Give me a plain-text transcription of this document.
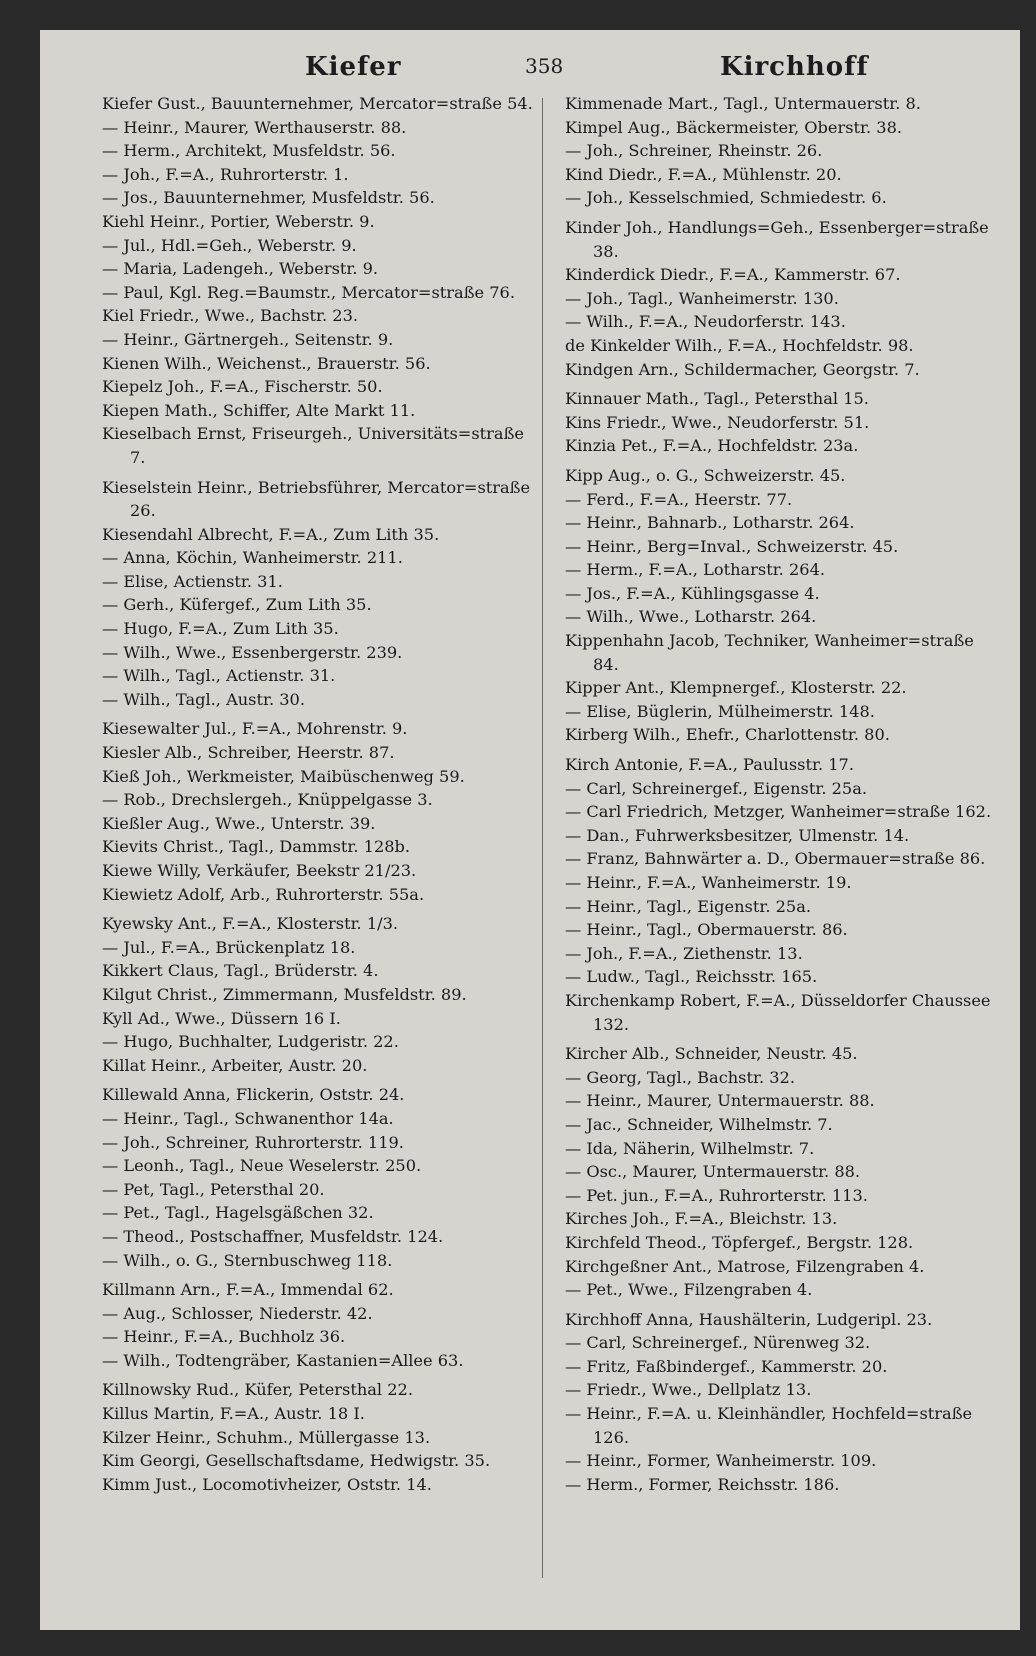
Kiefer	358	Kirchhoff
Kiefer Gust., Bauunternehmer, Mercator=straße 54.
— Heinr., Maurer, Werthauserstr. 88.
— Herm., Architekt, Musfeldstr. 56.
— Joh., F.=A., Ruhrorterstr. 1.
— Jos., Bauunternehmer, Musfeldstr. 56.
Kiehl Heinr., Portier, Weberstr. 9.
— Jul., Hdl.=Geh., Weberstr. 9.
— Maria, Ladengeh., Weberstr. 9.
— Paul, Kgl. Reg.=Baumstr., Mercator=straße 76.
Kiel Friedr., Wwe., Bachstr. 23.
— Heinr., Gärtnergeh., Seitenstr. 9.
Kienen Wilh., Weichenst., Brauerstr. 56.
Kiepelz Joh., F.=A., Fischerstr. 50.
Kiepen Math., Schiffer, Alte Markt 11.
Kieselbach Ernst, Friseurgeh., Universitäts=straße 7.
Kieselstein Heinr., Betriebsführer, Mercator=straße 26.
Kiesendahl Albrecht, F.=A., Zum Lith 35.
— Anna, Köchin, Wanheimerstr. 211.
— Elise, Actienstr. 31.
— Gerh., Küfergef., Zum Lith 35.
— Hugo, F.=A., Zum Lith 35.
— Wilh., Wwe., Essenbergerstr. 239.
— Wilh., Tagl., Actienstr. 31.
— Wilh., Tagl., Austr. 30.
Kiesewalter Jul., F.=A., Mohrenstr. 9.
Kiesler Alb., Schreiber, Heerstr. 87.
Kieß Joh., Werkmeister, Maibüschenweg 59.
— Rob., Drechslergeh., Knüppelgasse 3.
Kießler Aug., Wwe., Unterstr. 39.
Kievits Christ., Tagl., Dammstr. 128b.
Kiewe Willy, Verkäufer, Beekstr 21/23.
Kiewietz Adolf, Arb., Ruhrorterstr. 55a.
Kyewsky Ant., F.=A., Klosterstr. 1/3.
— Jul., F.=A., Brückenplatz 18.
Kikkert Claus, Tagl., Brüderstr. 4.
Kilgut Christ., Zimmermann, Musfeldstr. 89.
Kyll Ad., Wwe., Düssern 16 I.
— Hugo, Buchhalter, Ludgeristr. 22.
Killat Heinr., Arbeiter, Austr. 20.
Killewald Anna, Flickerin, Oststr. 24.
— Heinr., Tagl., Schwanenthor 14a.
— Joh., Schreiner, Ruhrorterstr. 119.
— Leonh., Tagl., Neue Weselerstr. 250.
— Pet, Tagl., Petersthal 20.
— Pet., Tagl., Hagelsgäßchen 32.
— Theod., Postschaffner, Musfeldstr. 124.
— Wilh., o. G., Sternbuschweg 118.
Killmann Arn., F.=A., Immendal 62.
— Aug., Schlosser, Niederstr. 42.
— Heinr., F.=A., Buchholz 36.
— Wilh., Todtengräber, Kastanien=Allee 63.
Killnowsky Rud., Küfer, Petersthal 22.
Killus Martin, F.=A., Austr. 18 I.
Kilzer Heinr., Schuhm., Müllergasse 13.
Kim Georgi, Gesellschaftsdame, Hedwigstr. 35.
Kimm Just., Locomotivheizer, Oststr. 14.
Kimmenade Mart., Tagl., Untermauerstr. 8.
Kimpel Aug., Bäckermeister, Oberstr. 38.
— Joh., Schreiner, Rheinstr. 26.
Kind Diedr., F.=A., Mühlenstr. 20.
— Joh., Kesselschmied, Schmiedestr. 6.
Kinder Joh., Handlungs=Geh., Essenberger=straße 38.
Kinderdick Diedr., F.=A., Kammerstr. 67.
— Joh., Tagl., Wanheimerstr. 130.
— Wilh., F.=A., Neudorferstr. 143.
de Kinkelder Wilh., F.=A., Hochfeldstr. 98.
Kindgen Arn., Schildermacher, Georgstr. 7.
Kinnauer Math., Tagl., Petersthal 15.
Kins Friedr., Wwe., Neudorferstr. 51.
Kinzia Pet., F.=A., Hochfeldstr. 23a.
Kipp Aug., o. G., Schweizerstr. 45.
— Ferd., F.=A., Heerstr. 77.
— Heinr., Bahnarb., Lotharstr. 264.
— Heinr., Berg=Inval., Schweizerstr. 45.
— Herm., F.=A., Lotharstr. 264.
— Jos., F.=A., Kühlingsgasse 4.
— Wilh., Wwe., Lotharstr. 264.
Kippenhahn Jacob, Techniker, Wanheimer=straße 84.
Kipper Ant., Klempnergef., Klosterstr. 22.
— Elise, Büglerin, Mülheimerstr. 148.
Kirberg Wilh., Ehefr., Charlottenstr. 80.
Kirch Antonie, F.=A., Paulusstr. 17.
— Carl, Schreinergef., Eigenstr. 25a.
— Carl Friedrich, Metzger, Wanheimer=straße 162.
— Dan., Fuhrwerksbesitzer, Ulmenstr. 14.
— Franz, Bahnwärter a. D., Obermauer=straße 86.
— Heinr., F.=A., Wanheimerstr. 19.
— Heinr., Tagl., Eigenstr. 25a.
— Heinr., Tagl., Obermauerstr. 86.
— Joh., F.=A., Ziethenstr. 13.
— Ludw., Tagl., Reichsstr. 165.
Kirchenkamp Robert, F.=A., Düsseldorfer Chaussee 132.
Kircher Alb., Schneider, Neustr. 45.
— Georg, Tagl., Bachstr. 32.
— Heinr., Maurer, Untermauerstr. 88.
— Jac., Schneider, Wilhelmstr. 7.
— Ida, Näherin, Wilhelmstr. 7.
— Osc., Maurer, Untermauerstr. 88.
— Pet. jun., F.=A., Ruhrorterstr. 113.
Kirches Joh., F.=A., Bleichstr. 13.
Kirchfeld Theod., Töpfergef., Bergstr. 128.
Kirchgeßner Ant., Matrose, Filzengraben 4.
— Pet., Wwe., Filzengraben 4.
Kirchhoff Anna, Haushälterin, Ludgeripl. 23.
— Carl, Schreinergef., Nürenweg 32.
— Fritz, Faßbindergef., Kammerstr. 20.
— Friedr., Wwe., Dellplatz 13.
— Heinr., F.=A. u. Kleinhändler, Hochfeld=straße 126.
— Heinr., Former, Wanheimerstr. 109.
— Herm., Former, Reichsstr. 186.
